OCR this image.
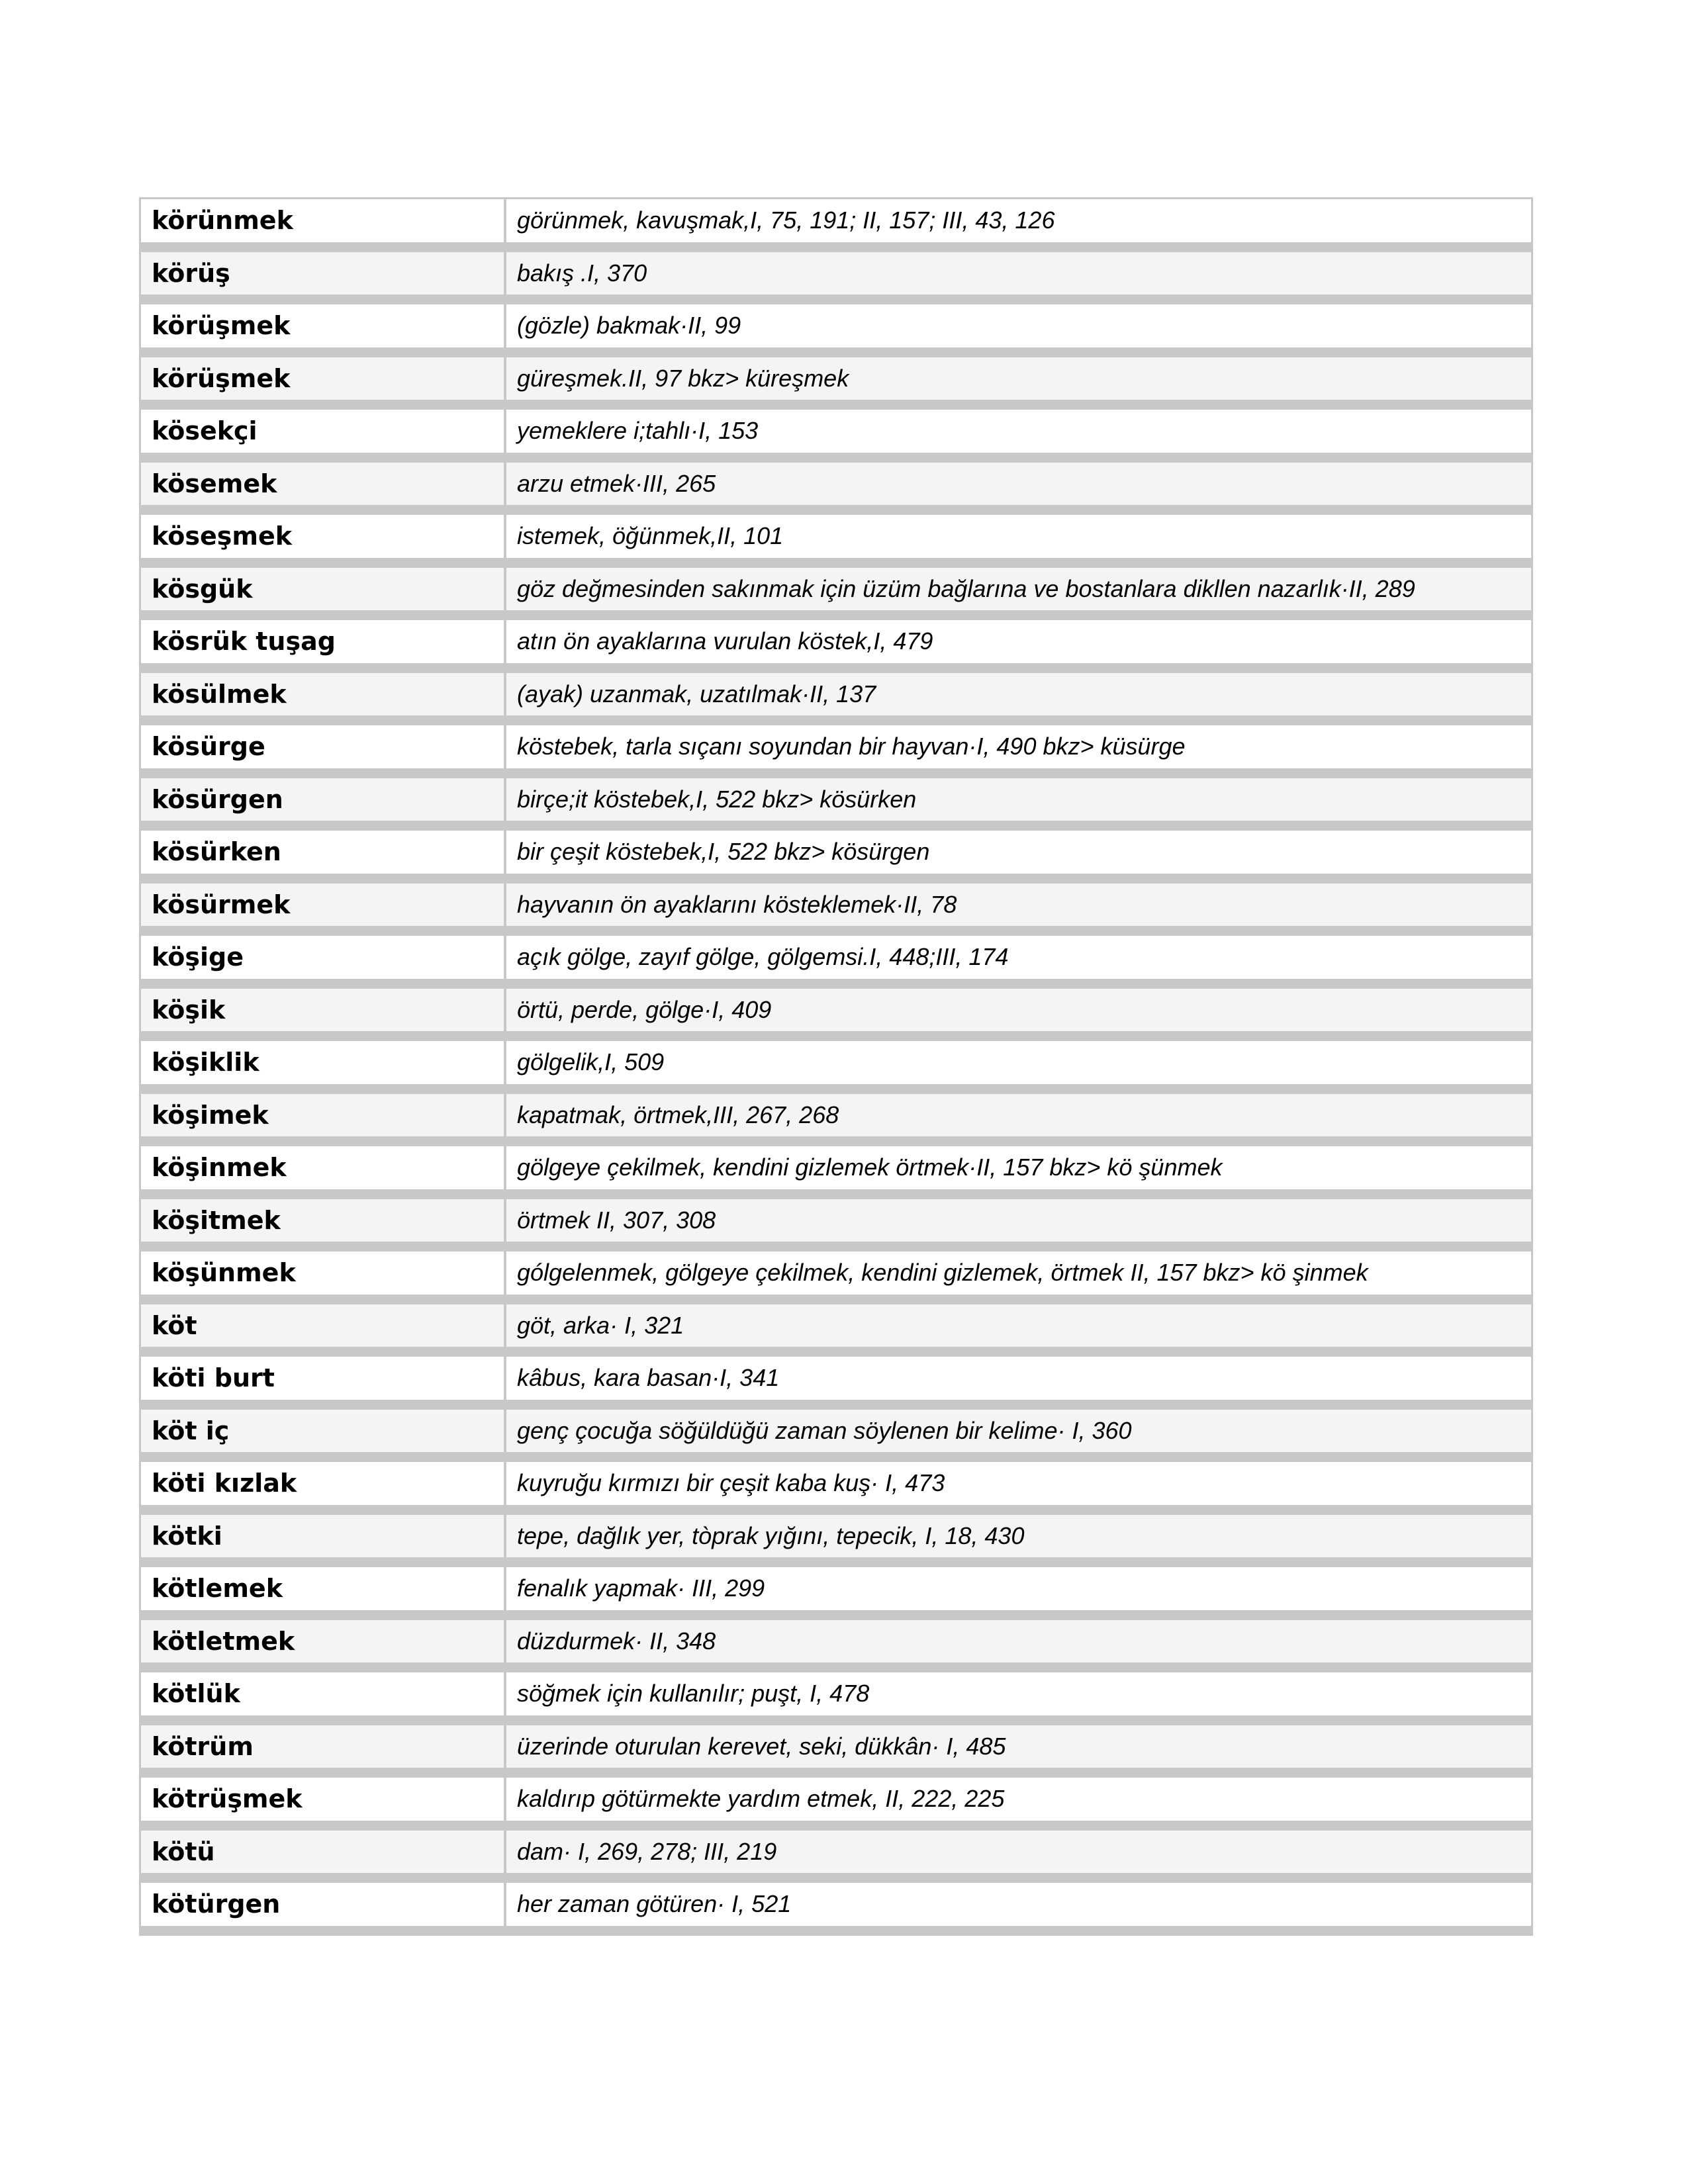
körünmek	görünmek, kavuşmak,I, 75, 191; II, 157; III, 43, 126
körüş	bakış .I, 370
körüşmek	(gözle) bakmak·II, 99
körüşmek	güreşmek.II, 97 bkz> küreşmek
kösekçi	yemeklere i;tahlı·I, 153
kösemek	arzu etmek·III, 265
köseşmek	istemek, öğünmek,II, 101
kösgük	göz değmesinden sakınmak için üzüm bağlarına ve bostanlara dikllen nazarlık·II, 289
kösrük tuşag	atın ön ayaklarına vurulan köstek,I, 479
kösülmek	(ayak) uzanmak, uzatılmak·II, 137
kösürge	köstebek, tarla sıçanı soyundan bir hayvan·I, 490 bkz> küsürge
kösürgen	birçe;it köstebek,I, 522 bkz> kösürken
kösürken	bir çeşit köstebek,I, 522 bkz> kösürgen
kösürmek	hayvanın ön ayaklarını kösteklemek·II, 78
köşige	açık gölge, zayıf gölge, gölgemsi.I, 448;III, 174
köşik	örtü, perde, gölge·I, 409
köşiklik	gölgelik,I, 509
köşimek	kapatmak, örtmek,III, 267, 268
köşinmek	gölgeye çekilmek, kendini gizlemek örtmek·II, 157 bkz> kö şünmek
köşitmek	örtmek II, 307, 308
köşünmek	gólgelenmek, gölgeye çekilmek, kendini gizlemek, örtmek II, 157 bkz> kö şinmek
köt	göt, arka· I, 321
köti burt	kâbus, kara basan·I, 341
köt iç	genç çocuğa söğüldüğü zaman söylenen bir kelime· I, 360
köti kızlak	kuyruğu kırmızı bir çeşit kaba kuş· I, 473
kötki	tepe, dağlık yer, tòprak yığını, tepecik, I, 18, 430
kötlemek	fenalık yapmak· III, 299
kötletmek	düzdurmek· II, 348
kötlük	söğmek için kullanılır; puşt, I, 478
kötrüm	üzerinde oturulan kerevet, seki, dükkân· I, 485
kötrüşmek	kaldırıp götürmekte yardım etmek, II, 222, 225
kötü	dam· I, 269, 278; III, 219
kötürgen	her zaman götüren· I, 521
